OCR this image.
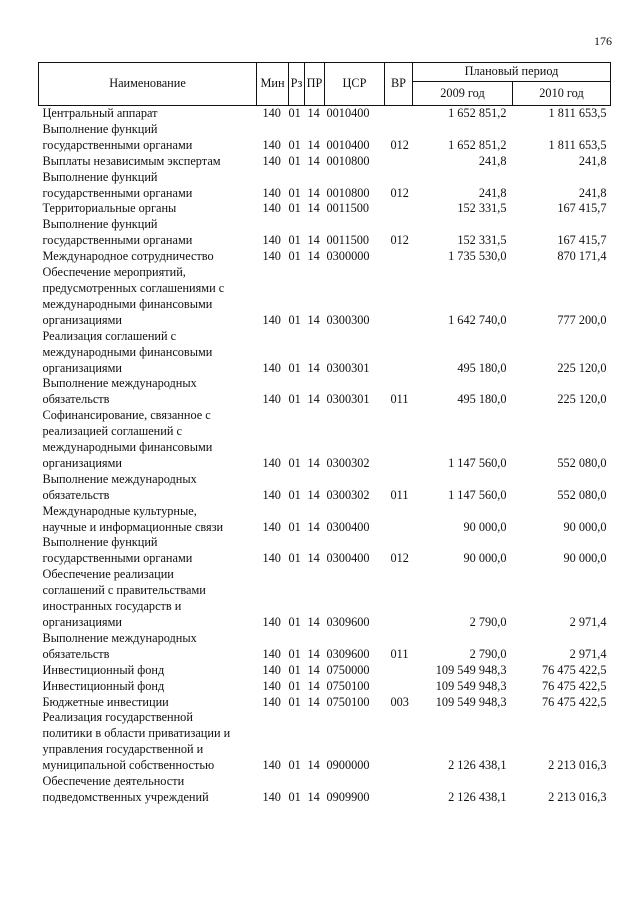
176
Наименование	Мин	Рз	ПР	ЦСР	ВР	Плановый период	
						2009 год	2010 год

Центральный аппарат	140	01	14	0010400		1 652 851,2	1 811 653,5

Выполнение функций
государственными органами	140	01	14	0010400	012	1 652 851,2	1 811 653,5

Выплаты независимым экспертам	140	01	14	0010800		241,8	241,8

Выполнение функций
государственными органами	140	01	14	0010800	012	241,8	241,8

Территориальные органы	140	01	14	0011500		152 331,5	167 415,7

Выполнение функций
государственными органами	140	01	14	0011500	012	152 331,5	167 415,7

Международное сотрудничество	140	01	14	0300000		1 735 530,0	870 171,4

Обеспечение мероприятий,
предусмотренных соглашениями с
международными финансовыми
организациями	140	01	14	0300300		1 642 740,0	777 200,0

Реализация соглашений с
международными финансовыми
организациями	140	01	14	0300301		495 180,0	225 120,0

Выполнение международных
обязательств	140	01	14	0300301	011	495 180,0	225 120,0

Софинансирование, связанное с
реализацией соглашений с
международными финансовыми
организациями	140	01	14	0300302		1 147 560,0	552 080,0

Выполнение международных
обязательств	140	01	14	0300302	011	1 147 560,0	552 080,0

Международные культурные,
научные и информационные связи	140	01	14	0300400		90 000,0	90 000,0

Выполнение функций
государственными органами	140	01	14	0300400	012	90 000,0	90 000,0

Обеспечение реализации
соглашений с правительствами
иностранных государств и
организациями	140	01	14	0309600		2 790,0	2 971,4

Выполнение международных
обязательств	140	01	14	0309600	011	2 790,0	2 971,4

Инвестиционный фонд	140	01	14	0750000		109 549 948,3	76 475 422,5

Инвестиционный фонд	140	01	14	0750100		109 549 948,3	76 475 422,5

Бюджетные инвестиции	140	01	14	0750100	003	109 549 948,3	76 475 422,5

Реализация государственной
политики в области приватизации и
управления государственной и
муниципальной собственностью	140	01	14	0900000		2 126 438,1	2 213 016,3

Обеспечение деятельности
подведомственных учреждений	140	01	14	0909900		2 126 438,1	2 213 016,3
